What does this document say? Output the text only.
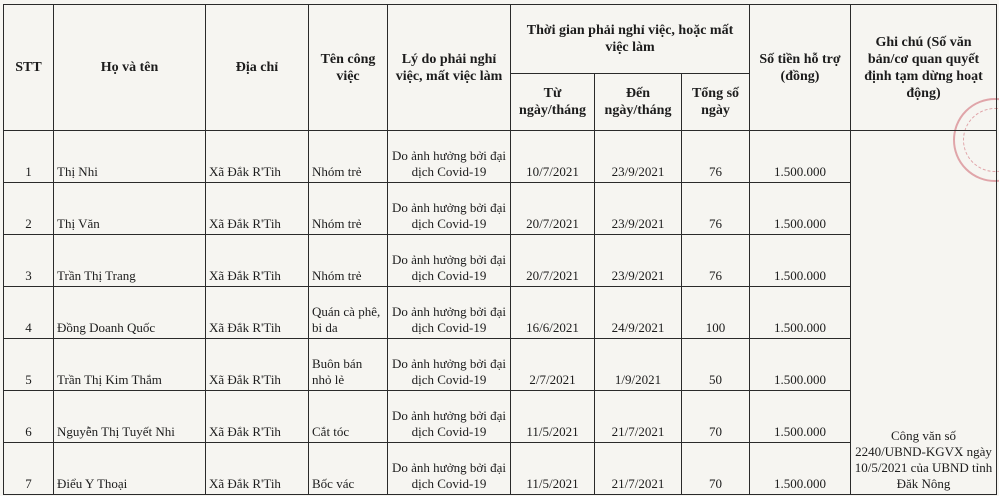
STT	Họ và tên	Địa chỉ	Tên công việc	Lý do phải nghỉ việc, mất việc làm	Thời gian phải nghỉ việc, hoặc mất việc làm			Số tiền hỗ trợ (đồng)	Ghi chú (Số văn bản/cơ quan quyết định tạm dừng hoạt động)
					Từ ngày/tháng	Đến ngày/tháng	Tổng số ngày		
1	Thị Nhi	Xã Đắk R'Tih	Nhóm trẻ	Do ảnh hưởng bởi đại dịch Covid-19	10/7/2021	23/9/2021	76	1.500.000	Công văn số 2240/UBND-KGVX ngày 10/5/2021 của UBND tỉnh Đăk Nông
2	Thị Văn	Xã Đắk R'Tih	Nhóm trẻ	Do ảnh hưởng bởi đại dịch Covid-19	20/7/2021	23/9/2021	76	1.500.000	
3	Trần Thị Trang	Xã Đắk R'Tih	Nhóm trẻ	Do ảnh hưởng bởi đại dịch Covid-19	20/7/2021	23/9/2021	76	1.500.000	
4	Đồng Doanh Quốc	Xã Đắk R'Tih	Quán cà phê, bi da	Do ảnh hưởng bởi đại dịch Covid-19	16/6/2021	24/9/2021	100	1.500.000	
5	Trần Thị Kim Thắm	Xã Đắk R'Tih	Buôn bán nhỏ lẻ	Do ảnh hưởng bởi đại dịch Covid-19	2/7/2021	1/9/2021	50	1.500.000	
6	Nguyễn Thị Tuyết Nhi	Xã Đắk R'Tih	Cắt tóc	Do ảnh hưởng bởi đại dịch Covid-19	11/5/2021	21/7/2021	70	1.500.000	
7	Điểu Y Thoại	Xã Đắk R'Tih	Bốc vác	Do ảnh hưởng bởi đại dịch Covid-19	11/5/2021	21/7/2021	70	1.500.000	
